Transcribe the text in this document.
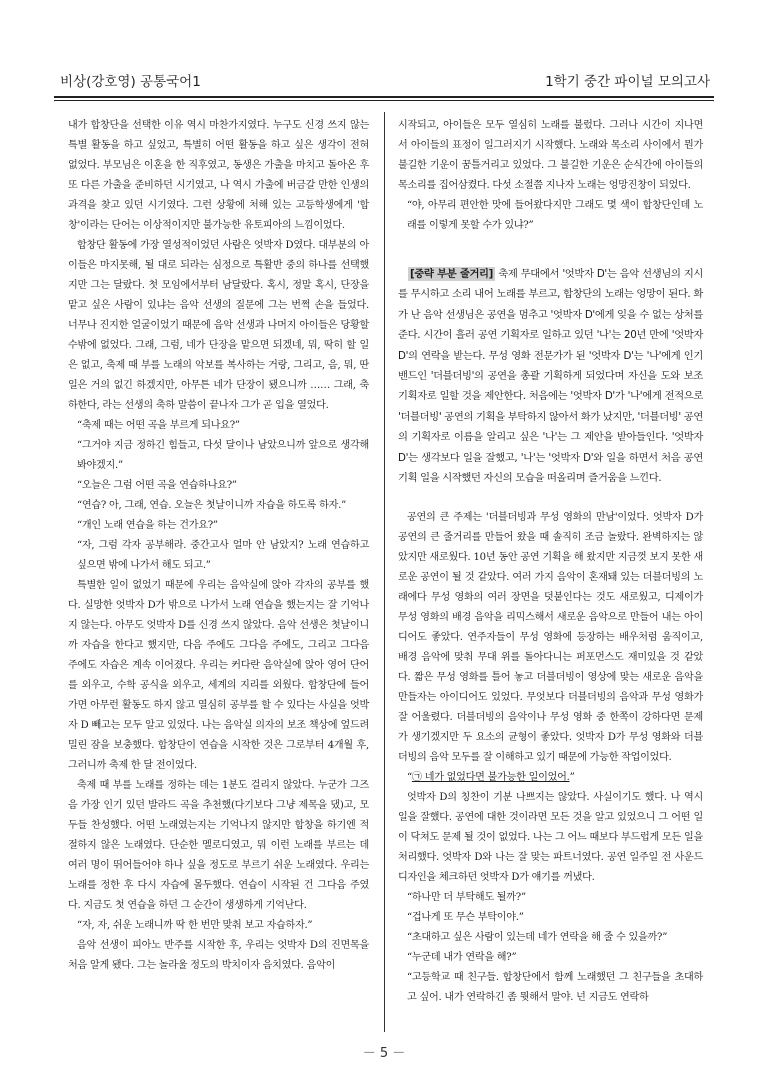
비상(강호영) 공통국어1	1학기 중간 파이널 모의고사

내가 합창단을 선택한 이유 역시 마찬가지였다. 누구도 신경 쓰지 않는 특별 활동을 하고 싶었고, 특별히 어떤 활동을 하고 싶은 생각이 전혀 없었다. 부모님은 이혼을 한 직후였고, 동생은 가출을 마치고 돌아온 후 또 다른 가출을 준비하던 시기였고, 나 역시 가출에 버금갈 만한 인생의 과격을 찾고 있던 시기였다. 그런 상황에 처해 있는 고등학생에게 '합창'이라는 단어는 이상적이지만 불가능한 유토피아의 느낌이었다.

합창단 활동에 가장 열성적이었던 사람은 엇박자 D였다. 대부분의 아이들은 마지못해, 될 대로 되라는 심정으로 특활반 중의 하나를 선택했지만 그는 달랐다. 첫 모임에서부터 남달랐다. 혹시, 정말 혹시, 단장을 맡고 싶은 사람이 있냐는 음악 선생의 질문에 그는 번쩍 손을 들었다. 너무나 진지한 얼굴이었기 때문에 음악 선생과 나머지 아이들은 당황할 수밖에 없었다. 그래, 그럼, 네가 단장을 맡으면 되겠네, 뭐, 딱히 할 일은 없고, 축제 때 부를 노래의 악보를 복사하는 거랑, 그리고, 음, 뭐, 딴 일은 거의 없긴 하겠지만, 아무튼 네가 단장이 됐으니까 …… 그래, 축하한다, 라는 선생의 축하 말씀이 끝나자 그가 곧 입을 열었다.

“축제 때는 어떤 곡을 부르게 되나요?”

“그거야 지금 정하긴 힘들고, 다섯 달이나 남았으니까 앞으로 생각해 봐야겠지.”

“오늘은 그럼 어떤 곡을 연습하나요?”

“연습? 아, 그래, 연습. 오늘은 첫날이니까 자습을 하도록 하자.”

“개인 노래 연습을 하는 건가요?”

“자, 그럼 각자 공부해라. 중간고사 얼마 안 남았지? 노래 연습하고 싶으면 밖에 나가서 해도 되고.”

특별한 일이 없었기 때문에 우리는 음악실에 앉아 각자의 공부를 했다. 실망한 엇박자 D가 밖으로 나가서 노래 연습을 했는지는 잘 기억나지 않는다. 아무도 엇박자 D를 신경 쓰지 않았다. 음악 선생은 첫날이니까 자습을 한다고 했지만, 다음 주에도 그다음 주에도, 그리고 그다음 주에도 자습은 계속 이어졌다. 우리는 커다란 음악실에 앉아 영어 단어를 외우고, 수학 공식을 외우고, 세계의 지리를 외웠다. 합창단에 들어가면 아무런 활동도 하지 않고 열심히 공부를 할 수 있다는 사실을 엇박자 D 빼고는 모두 알고 있었다. 나는 음악실 의자의 보조 책상에 엎드려 밀린 잠을 보충했다. 합창단이 연습을 시작한 것은 그로부터 4개월 후, 그러니까 축제 한 달 전이었다.

축제 때 부를 노래를 정하는 데는 1분도 걸리지 않았다. 누군가 그즈음 가장 인기 있던 발라드 곡을 추천했(다기보다 그냥 제목을 댔)고, 모두들 찬성했다. 어떤 노래였는지는 기억나지 않지만 합창을 하기엔 적절하지 않은 노래였다. 단순한 멜로디였고, 뭐 이런 노래를 부르는 데 여러 명이 뛰어들어야 하나 싶을 정도로 부르기 쉬운 노래였다. 우리는 노래를 정한 후 다시 자습에 몰두했다. 연습이 시작된 건 그다음 주였다. 지금도 첫 연습을 하던 그 순간이 생생하게 기억난다.

“자, 자, 쉬운 노래니까 딱 한 번만 맞춰 보고 자습하자.”

음악 선생이 피아노 반주를 시작한 후, 우리는 엇박자 D의 진면목을 처음 알게 됐다. 그는 놀라울 정도의 박치이자 음치였다. 음악이

시작되고, 아이들은 모두 열심히 노래를 불렀다. 그러나 시간이 지나면서 아이들의 표정이 일그러지기 시작했다. 노래와 목소리 사이에서 뭔가 불길한 기운이 꿈틀거리고 있었다. 그 불길한 기운은 순식간에 아이들의 목소리를 집어삼켰다. 다섯 소절쯤 지나자 노래는 엉망진창이 되었다.

“야, 아무리 편안한 맛에 들어왔다지만 그래도 몇 색이 합창단인데 노래를 이렇게 못할 수가 있냐?”

[중략 부분 줄거리] 축제 무대에서 '엇박자 D'는 음악 선생님의 지시를 무시하고 소리 내어 노래를 부르고, 합창단의 노래는 엉망이 된다. 화가 난 음악 선생님은 공연을 멈추고 '엇박자 D'에게 잊을 수 없는 상처를 준다. 시간이 흘러 공연 기획자로 일하고 있던 '나'는 20년 만에 '엇박자 D'의 연락을 받는다. 무성 영화 전문가가 된 '엇박자 D'는 '나'에게 인기 밴드인 '더블더빙'의 공연을 총괄 기획하게 되었다며 자신을 도와 보조 기획자로 일할 것을 제안한다. 처음에는 '엇박자 D'가 '나'에게 전적으로 '더블더빙' 공연의 기획을 부탁하지 않아서 화가 났지만, '더블더빙' 공연의 기획자로 이름을 알리고 싶은 '나'는 그 제안을 받아들인다. '엇박자 D'는 생각보다 일을 잘했고, '나'는 '엇박자 D'와 일을 하면서 처음 공연 기획 일을 시작했던 자신의 모습을 떠올리며 즐거움을 느낀다.

공연의 큰 주제는 '더블더빙과 무성 영화의 만남'이었다. 엇박자 D가 공연의 큰 줄거리를 만들어 왔을 때 솔직히 조금 놀랐다. 완벽하지는 않았지만 새로웠다. 10년 동안 공연 기획을 해 왔지만 지금껏 보지 못한 새로운 공연이 될 것 같았다. 여러 가지 음악이 혼재돼 있는 더블더빙의 노래에다 무성 영화의 여러 장면을 덧붙인다는 것도 새로웠고, 디제이가 무성 영화의 배경 음악을 리믹스해서 새로운 음악으로 만들어 내는 아이디어도 좋았다. 연주자들이 무성 영화에 등장하는 배우처럼 움직이고, 배경 음악에 맞춰 무대 위를 돌아다니는 퍼포먼스도 재미있을 것 같았다. 짧은 무성 영화를 틀어 놓고 더블더빙이 영상에 맞는 새로운 음악을 만들자는 아이디어도 있었다. 무엇보다 더블더빙의 음악과 무성 영화가 잘 어울렸다. 더블더빙의 음악이나 무성 영화 중 한쪽이 강하다면 문제가 생기겠지만 두 요소의 균형이 좋았다. 엇박자 D가 무성 영화와 더블더빙의 음악 모두를 잘 이해하고 있기 때문에 가능한 작업이었다.

“㉠ 네가 없었다면 불가능한 일이었어.”

엇박자 D의 칭찬이 기분 나쁘지는 않았다. 사실이기도 했다. 나 역시 일을 잘했다. 공연에 대한 것이라면 모든 것을 알고 있었으니 그 어떤 일이 닥쳐도 문제 될 것이 없었다. 나는 그 어느 때보다 부드럽게 모든 일을 처리했다. 엇박자 D와 나는 잘 맞는 파트너였다. 공연 일주일 전 사운드 디자인을 체크하던 엇박자 D가 얘기를 꺼냈다.

“하나만 더 부탁해도 될까?”

“겁나게 또 무슨 부탁이야.”

“초대하고 싶은 사람이 있는데 네가 연락을 해 줄 수 있을까?”

“누군데 내가 연락을 해?”

“고등학교 때 친구들. 합창단에서 함께 노래했던 그 친구들을 초대하고 싶어. 내가 연락하긴 좀 뭣해서 말야. 넌 지금도 연락하

－ 5 －
